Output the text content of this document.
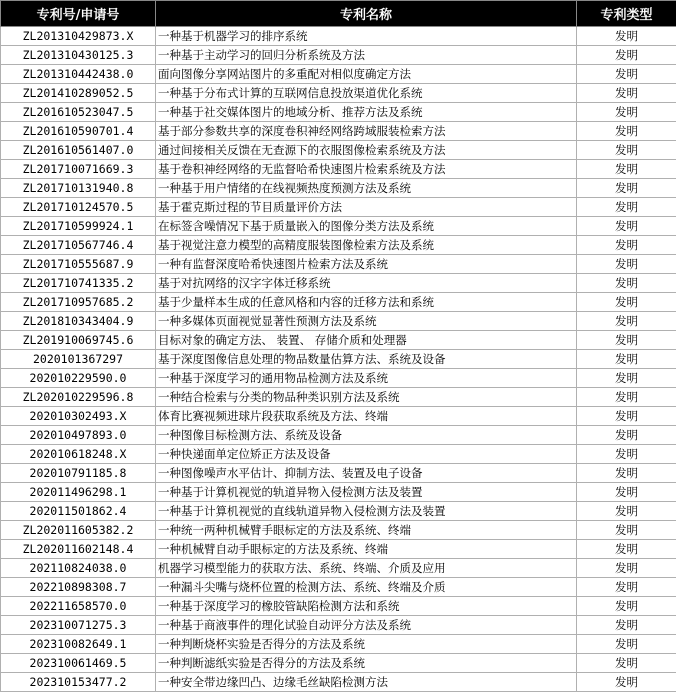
专利号/申请号	专利名称	专利类型
ZL201310429873.X	一种基于机器学习的排序系统	发明
ZL201310430125.3	一种基于主动学习的回归分析系统及方法	发明
ZL201310442438.0	面向图像分享网站图片的多重配对相似度确定方法	发明
ZL201410289052.5	一种基于分布式计算的互联网信息投放渠道优化系统	发明
ZL201610523047.5	一种基于社交媒体图片的地域分析、推荐方法及系统	发明
ZL201610590701.4	基于部分参数共享的深度卷积神经网络跨域服装检索方法	发明
ZL201610561407.0	通过间接相关反馈在无查源下的衣服图像检索系统及方法	发明
ZL201710071669.3	基于卷积神经网络的无监督哈希快速图片检索系统及方法	发明
ZL201710131940.8	一种基于用户情绪的在线视频热度预测方法及系统	发明
ZL201710124570.5	基于霍克斯过程的节目质量评价方法	发明
ZL201710599924.1	在标签含噪情况下基于质量嵌入的图像分类方法及系统	发明
ZL201710567746.4	基于视觉注意力模型的高精度服装图像检索方法及系统	发明
ZL201710555687.9	一种有监督深度哈希快速图片检索方法及系统	发明
ZL201710741335.2	基于对抗网络的汉字字体迁移系统	发明
ZL201710957685.2	基于少量样本生成的任意风格和内容的迁移方法和系统	发明
ZL201810343404.9	一种多媒体页面视觉显著性预测方法及系统	发明
ZL201910069745.6	目标对象的确定方法、 装置、 存储介质和处理器	发明
2020101367297	基于深度图像信息处理的物品数量估算方法、系统及设备	发明
202010229590.0	一种基于深度学习的通用物品检测方法及系统	发明
ZL202010229596.8	一种结合检索与分类的物品种类识别方法及系统	发明
202010302493.X	体育比赛视频进球片段获取系统及方法、终端	发明
202010497893.0	一种图像目标检测方法、系统及设备	发明
202010618248.X	一种快递面单定位矫正方法及设备	发明
202010791185.8	一种图像噪声水平估计、抑制方法、装置及电子设备	发明
202011496298.1	一种基于计算机视觉的轨道异物入侵检测方法及装置	发明
202011501862.4	一种基于计算机视觉的直线轨道异物入侵检测方法及装置	发明
ZL202011605382.2	一种统一两种机械臂手眼标定的方法及系统、终端	发明
ZL202011602148.4	一种机械臂自动手眼标定的方法及系统、终端	发明
202110824038.0	机器学习模型能力的获取方法、系统、终端、介质及应用	发明
202210898308.7	一种漏斗尖嘴与烧杯位置的检测方法、系统、终端及介质	发明
202211658570.0	一种基于深度学习的橡胶管缺陷检测方法和系统	发明
202310071275.3	一种基于商液事件的理化试验自动评分方法及系统	发明
202310082649.1	一种判断烧杯实验是否得分的方法及系统	发明
202310061469.5	一种判断滤纸实验是否得分的方法及系统	发明
202310153477.2	一种安全带边缘凹凸、边缘毛丝缺陷检测方法	发明
